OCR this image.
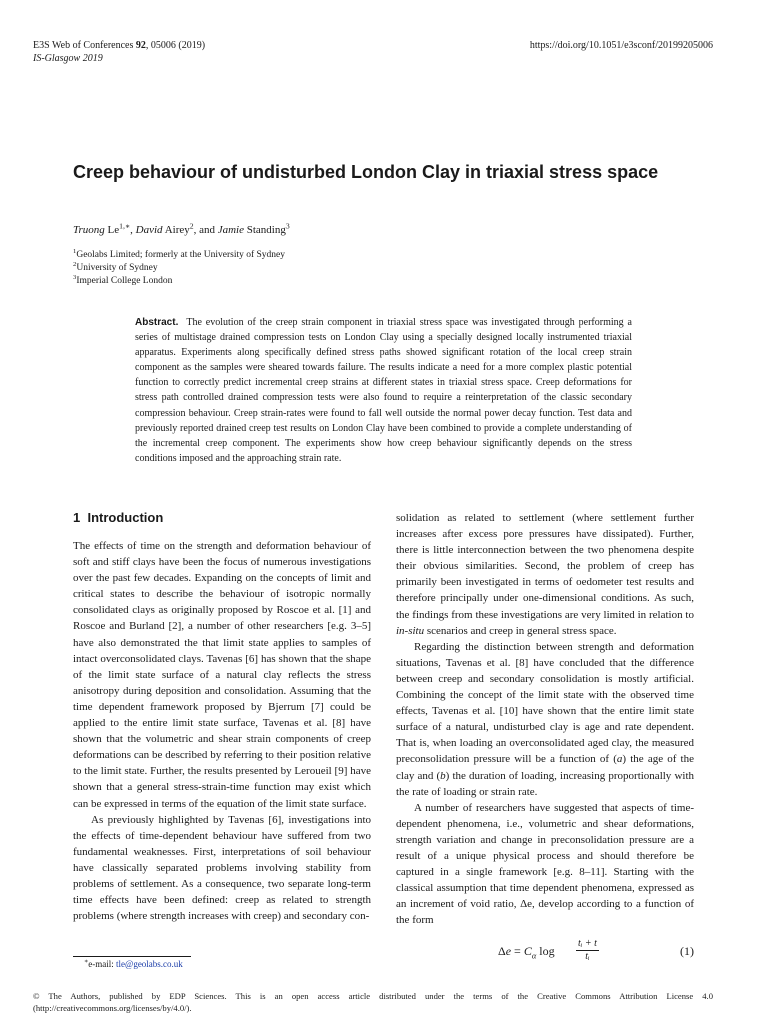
E3S Web of Conferences 92, 05006 (2019)
IS-Glasgow 2019
https://doi.org/10.1051/e3sconf/20199205006
Creep behaviour of undisturbed London Clay in triaxial stress space
Truong $Le^{1,∗}$, David Airey$^2$, and Jamie Standing$^3$
$^1$Geolabs Limited; formerly at the University of Sydney
$^2$University of Sydney
$^3$Imperial College London
Abstract. The evolution of the creep strain component in triaxial stress space was investigated through performing a series of multistage drained compression tests on London Clay using a specially designed locally instrumented triaxial apparatus. Experiments along specifically defined stress paths showed significant rotation of the local creep strain component as the samples were sheared towards failure. The results indicate a need for a more complex plastic potential function to correctly predict incremental creep strains at different states in triaxial stress space. Creep deformations for stress path controlled drained compression tests were also found to require a reinterpretation of the classic secondary compression behaviour. Creep strain-rates were found to fall well outside the normal power decay function. Test data and previously reported drained creep test results on London Clay have been combined to provide a complete understanding of the incremental creep component. The experiments show how creep behaviour significantly depends on the stress conditions imposed and the approaching strain rate.
1 Introduction

The effects of time on the strength and deformation behaviour of soft and stiff clays have been the focus of numerous investigations over the past few decades. Expanding on the concepts of limit and critical states to describe the behaviour of isotropic normally consolidated clays as originally proposed by Roscoe et al. [1] and Roscoe and Burland [2], a number of other researchers [e.g. 3–5] have also demonstrated the that limit state applies to samples of intact overconsolidated clays. Tavenas [6] has shown that the shape of the limit state surface of a natural clay reflects the stress anisotropy during deposition and consolidation. Assuming that the time dependent framework proposed by Bjerrum [7] could be applied to the entire limit state surface, Tavenas et al. [8] have shown that the volumetric and shear strain components of creep deformations can be described by referring to their position relative to the limit state. Further, the results presented by Leroueil [9] have shown that a general stress-strain-time function may exist which can be expressed in terms of the equation of the limit state surface.

As previously highlighted by Tavenas [6], investigations into the effects of time-dependent behaviour have suffered from two fundamental weaknesses. First, interpretations of soil behaviour have classically separated problems involving stability from problems of settlement. As a consequence, two separate long-term time effects have been defined: creep as related to strength problems (where strength increases with creep) and secondary con-

solidation as related to settlement (where settlement further increases after excess pore pressures have dissipated). Further, there is little interconnection between the two phenomena despite their obvious similarities. Second, the problem of creep has primarily been investigated in terms of oedometer test results and therefore principally under one-dimensional conditions. As such, the findings from these investigations are very limited in relation to in-situ scenarios and creep in general stress space.

Regarding the distinction between strength and deformation situations, Tavenas et al. [8] have concluded that the difference between creep and secondary consolidation is mostly artificial. Combining the concept of the limit state with the observed time effects, Tavenas et al. [10] have shown that the entire limit state surface of a natural, undisturbed clay is age and rate dependent. That is, when loading an overconsolidated aged clay, the measured preconsolidation pressure will be a function of (a) the age of the clay and (b) the duration of loading, increasing proportionally with the rate of loading or strain rate.

A number of researchers have suggested that aspects of time-dependent phenomena, i.e., volumetric and shear deformations, strength variation and change in preconsolidation pressure are a result of a unique physical process and should therefore be captured in a single framework [e.g. 8–11]. Starting with the classical assumption that time dependent phenomena, expressed as an increment of void ratio, Δe, develop according to a function of the form

$\Delta e = C_\alpha$ $\log \frac{\text{tᵢ + t}}{\text{tᵢ}}$	(1)
∗e-mail: tle@geolabs.co.uk
© The Authors, published by EDP Sciences. This is an open access article distributed under the terms of the Creative Commons Attribution License 4.0 (http://creativecommons.org/licenses/by/4.0/).
